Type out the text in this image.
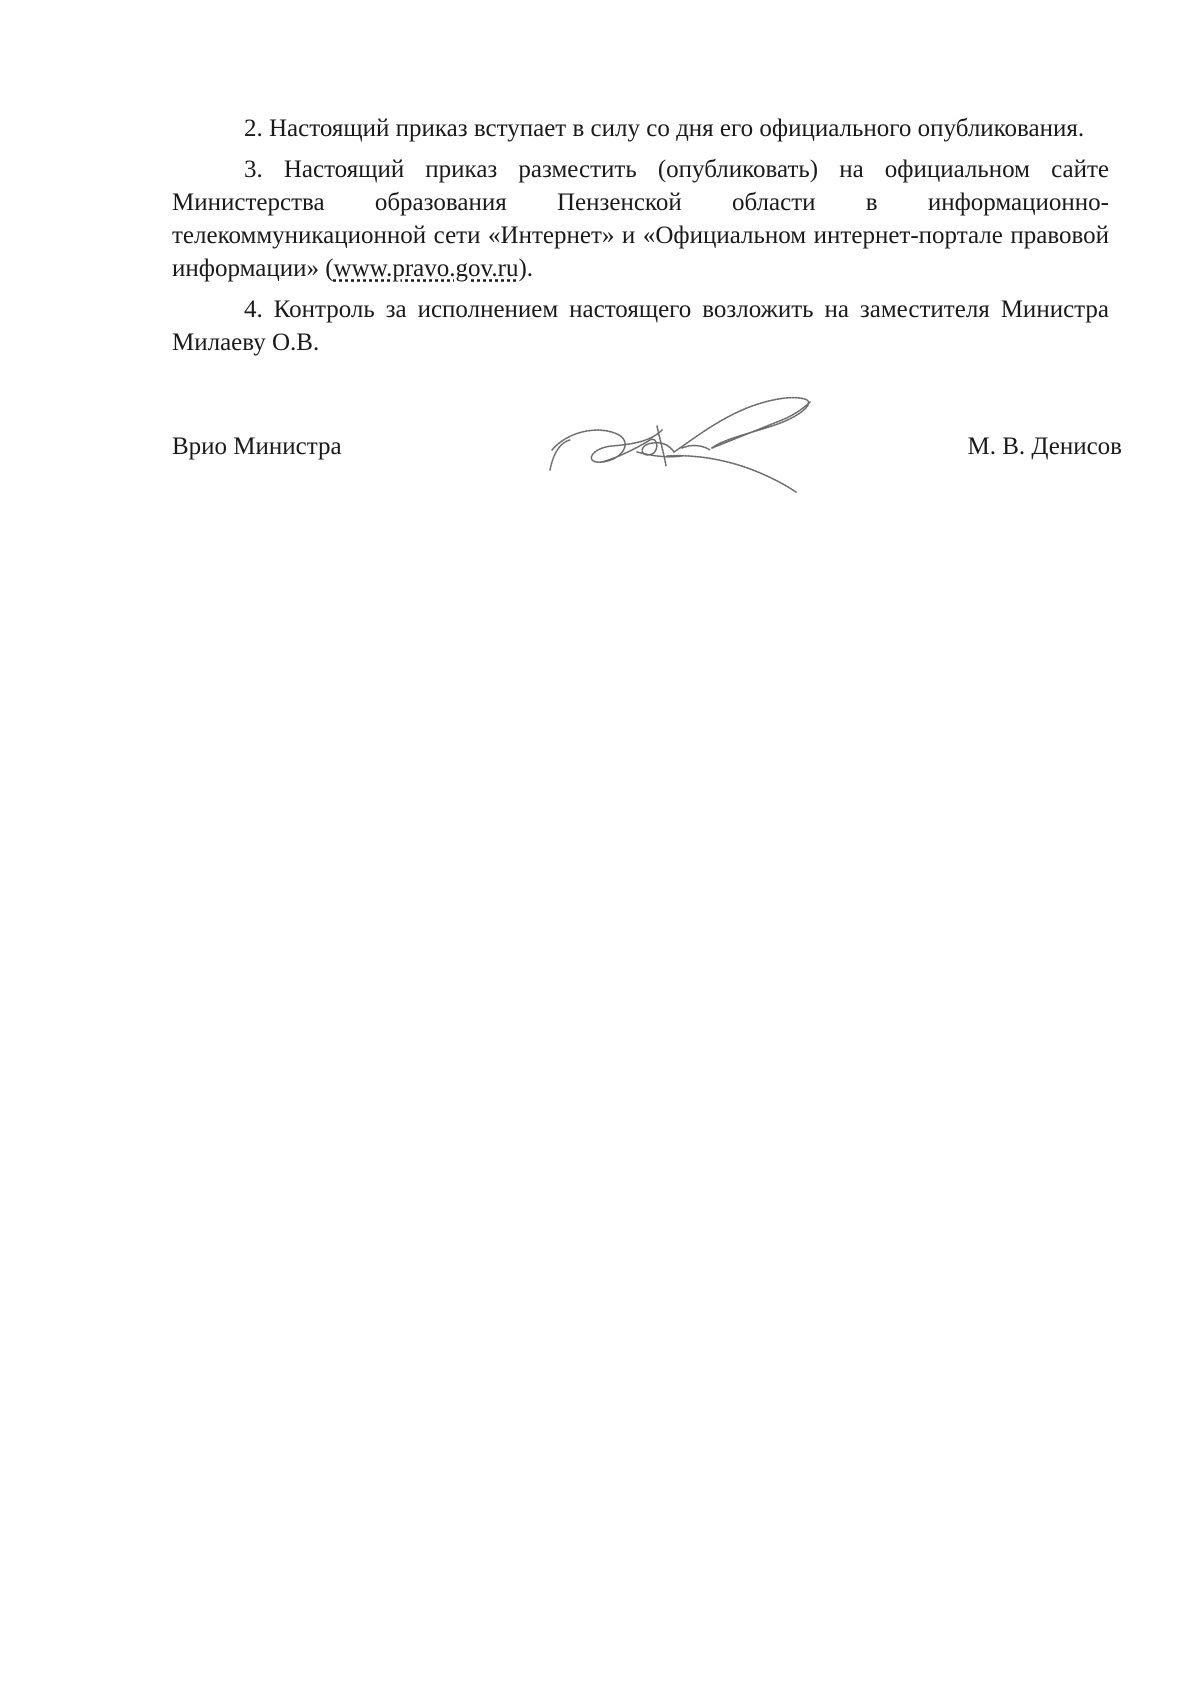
2. Настоящий приказ вступает в силу со дня его официального опубликования.

3. Настоящий приказ разместить (опубликовать) на официальном сайте Министерства образования Пензенской области в информационно-телекоммуникационной сети «Интернет» и «Официальном интернет-портале правовой информации» (www.pravo.gov.ru).

4. Контроль за исполнением настоящего возложить на заместителя Министра Милаеву О.В.

Врио Министра	М. В. Денисов
